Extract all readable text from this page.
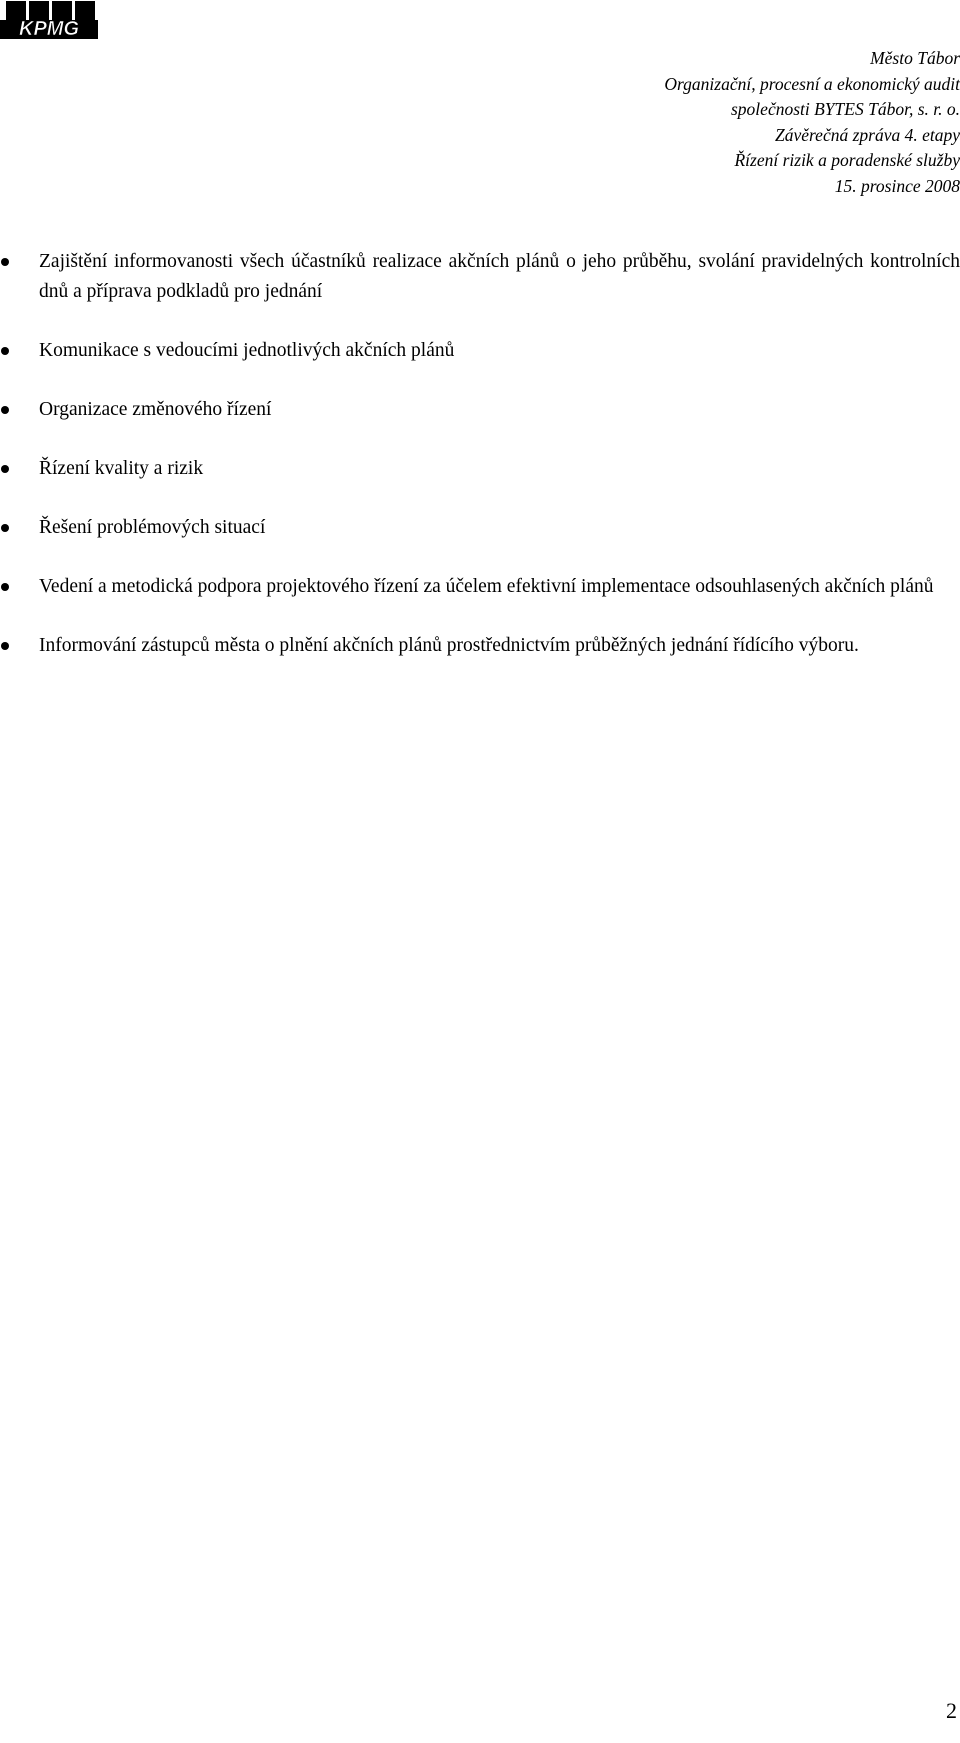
KPMG
Město Tábor
Organizační, procesní a ekonomický audit
společnosti BYTES Tábor, s. r. o.
Závěrečná zpráva 4. etapy
Řízení rizik a poradenské služby
15. prosince 2008
Zajištění informovanosti všech účastníků realizace akčních plánů o jeho průběhu, svolání pravidelných kontrolních dnů a příprava podkladů pro jednání
Komunikace s vedoucími jednotlivých akčních plánů
Organizace změnového řízení
Řízení kvality a rizik
Řešení problémových situací
Vedení a metodická podpora projektového řízení za účelem efektivní implementace odsouhlasených akčních plánů
Informování zástupců města o plnění akčních plánů prostřednictvím průběžných jednání řídícího výboru.
2
